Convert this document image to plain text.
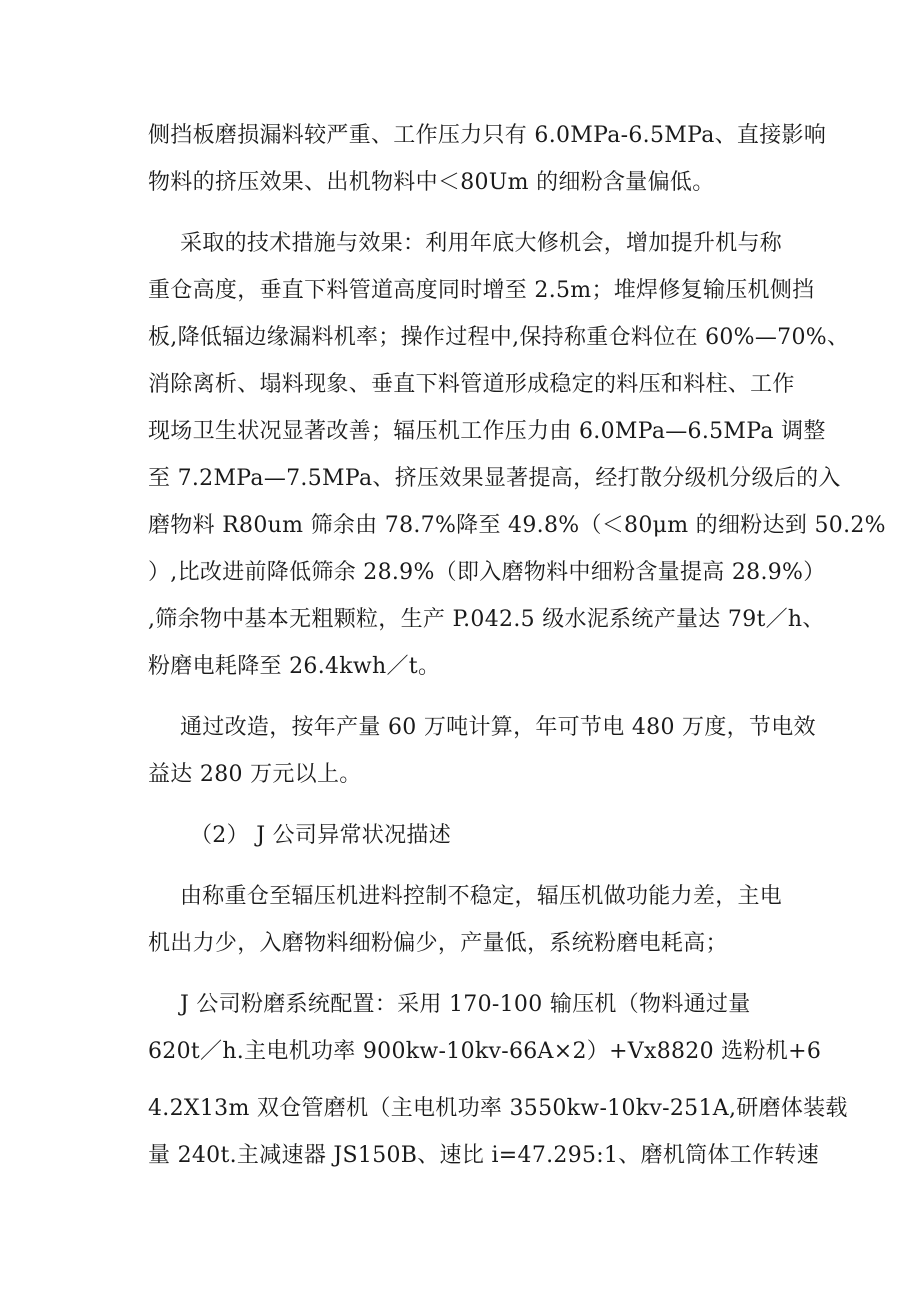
侧挡板磨损漏料较严重、工作压力只有 6.0MPa-6.5MPa、直接影响
物料的挤压效果、出机物料中＜80Um 的细粉含量偏低。
采取的技术措施与效果：利用年底大修机会，增加提升机与称
重仓高度，垂直下料管道高度同时增至 2.5m；堆焊修复输压机侧挡
板,降低辐边缘漏料机率；操作过程中,保持称重仓料位在 60%—70%、
消除离析、塌料现象、垂直下料管道形成稳定的料压和料柱、工作
现场卫生状况显著改善；辐压机工作压力由 6.0MPa—6.5MPa 调整
至 7.2MPa—7.5MPa、挤压效果显著提高，经打散分级机分级后的入
磨物料 R80um 筛余由 78.7%降至 49.8%（＜80μm 的细粉达到 50.2%
）,比改进前降低筛余 28.9%（即入磨物料中细粉含量提高 28.9%）
,筛余物中基本无粗颗粒，生产 P.042.5 级水泥系统产量达 79t／h、
粉磨电耗降至 26.4kwh／t。
通过改造，按年产量 60 万吨计算，年可节电 480 万度，节电效
益达 280 万元以上。
（2） J 公司异常状况描述
由称重仓至辐压机进料控制不稳定，辐压机做功能力差，主电
机出力少，入磨物料细粉偏少，产量低，系统粉磨电耗高；
J 公司粉磨系统配置：采用 170-100 输压机（物料通过量
620t／h.主电机功率 900kw-10kv-66A×2）+Vx8820 选粉机+6
4.2X13m 双仓管磨机（主电机功率 3550kw-10kv-251A,研磨体装载
量 240t.主减速器 JS150B、速比 i=47.295:1、磨机筒体工作转速
